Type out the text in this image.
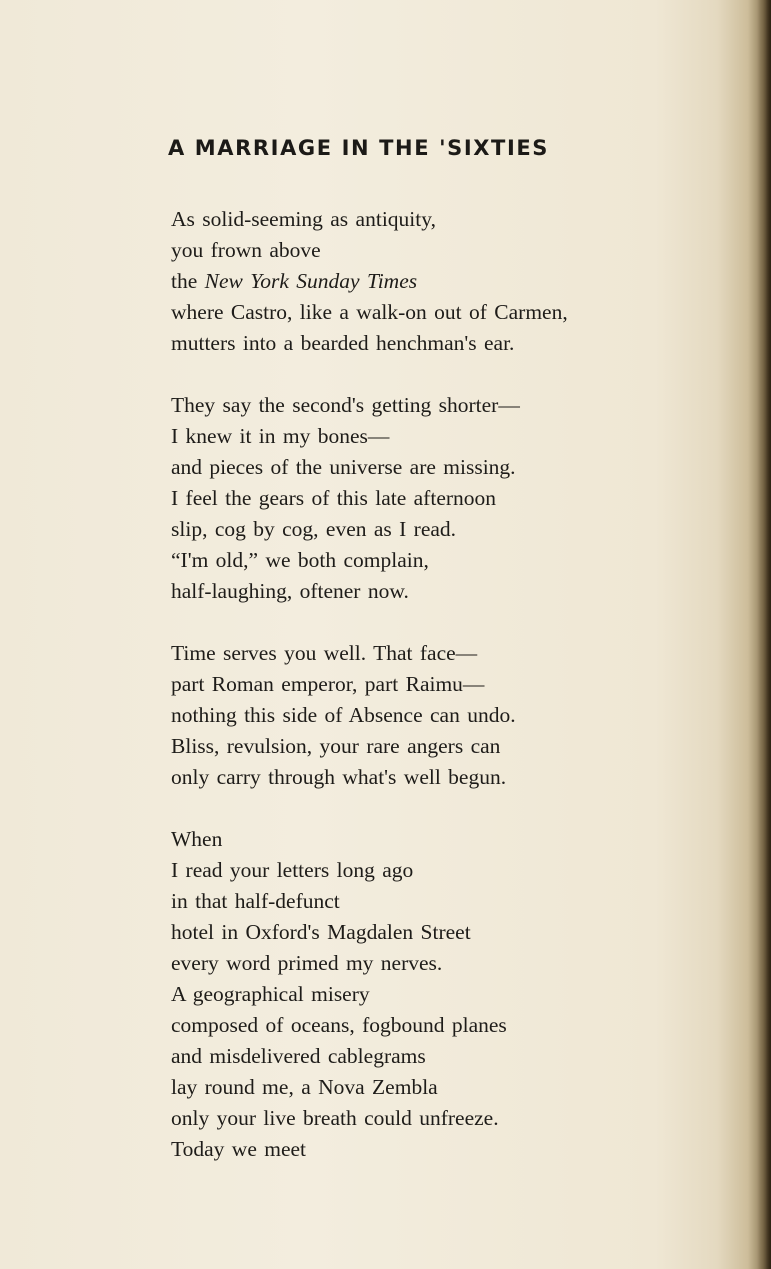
A MARRIAGE IN THE 'SIXTIES
As solid-seeming as antiquity,
you frown above
the New York Sunday Times
where Castro, like a walk-on out of Carmen,
mutters into a bearded henchman's ear.
They say the second's getting shorter—
I knew it in my bones—
and pieces of the universe are missing.
I feel the gears of this late afternoon
slip, cog by cog, even as I read.
“I'm old,” we both complain,
half-laughing, oftener now.
Time serves you well. That face—
part Roman emperor, part Raimu—
nothing this side of Absence can undo.
Bliss, revulsion, your rare angers can
only carry through what's well begun.
When
I read your letters long ago
in that half-defunct
hotel in Oxford's Magdalen Street
every word primed my nerves.
A geographical misery
composed of oceans, fogbound planes
and misdelivered cablegrams
lay round me, a Nova Zembla
only your live breath could unfreeze.
Today we meet
